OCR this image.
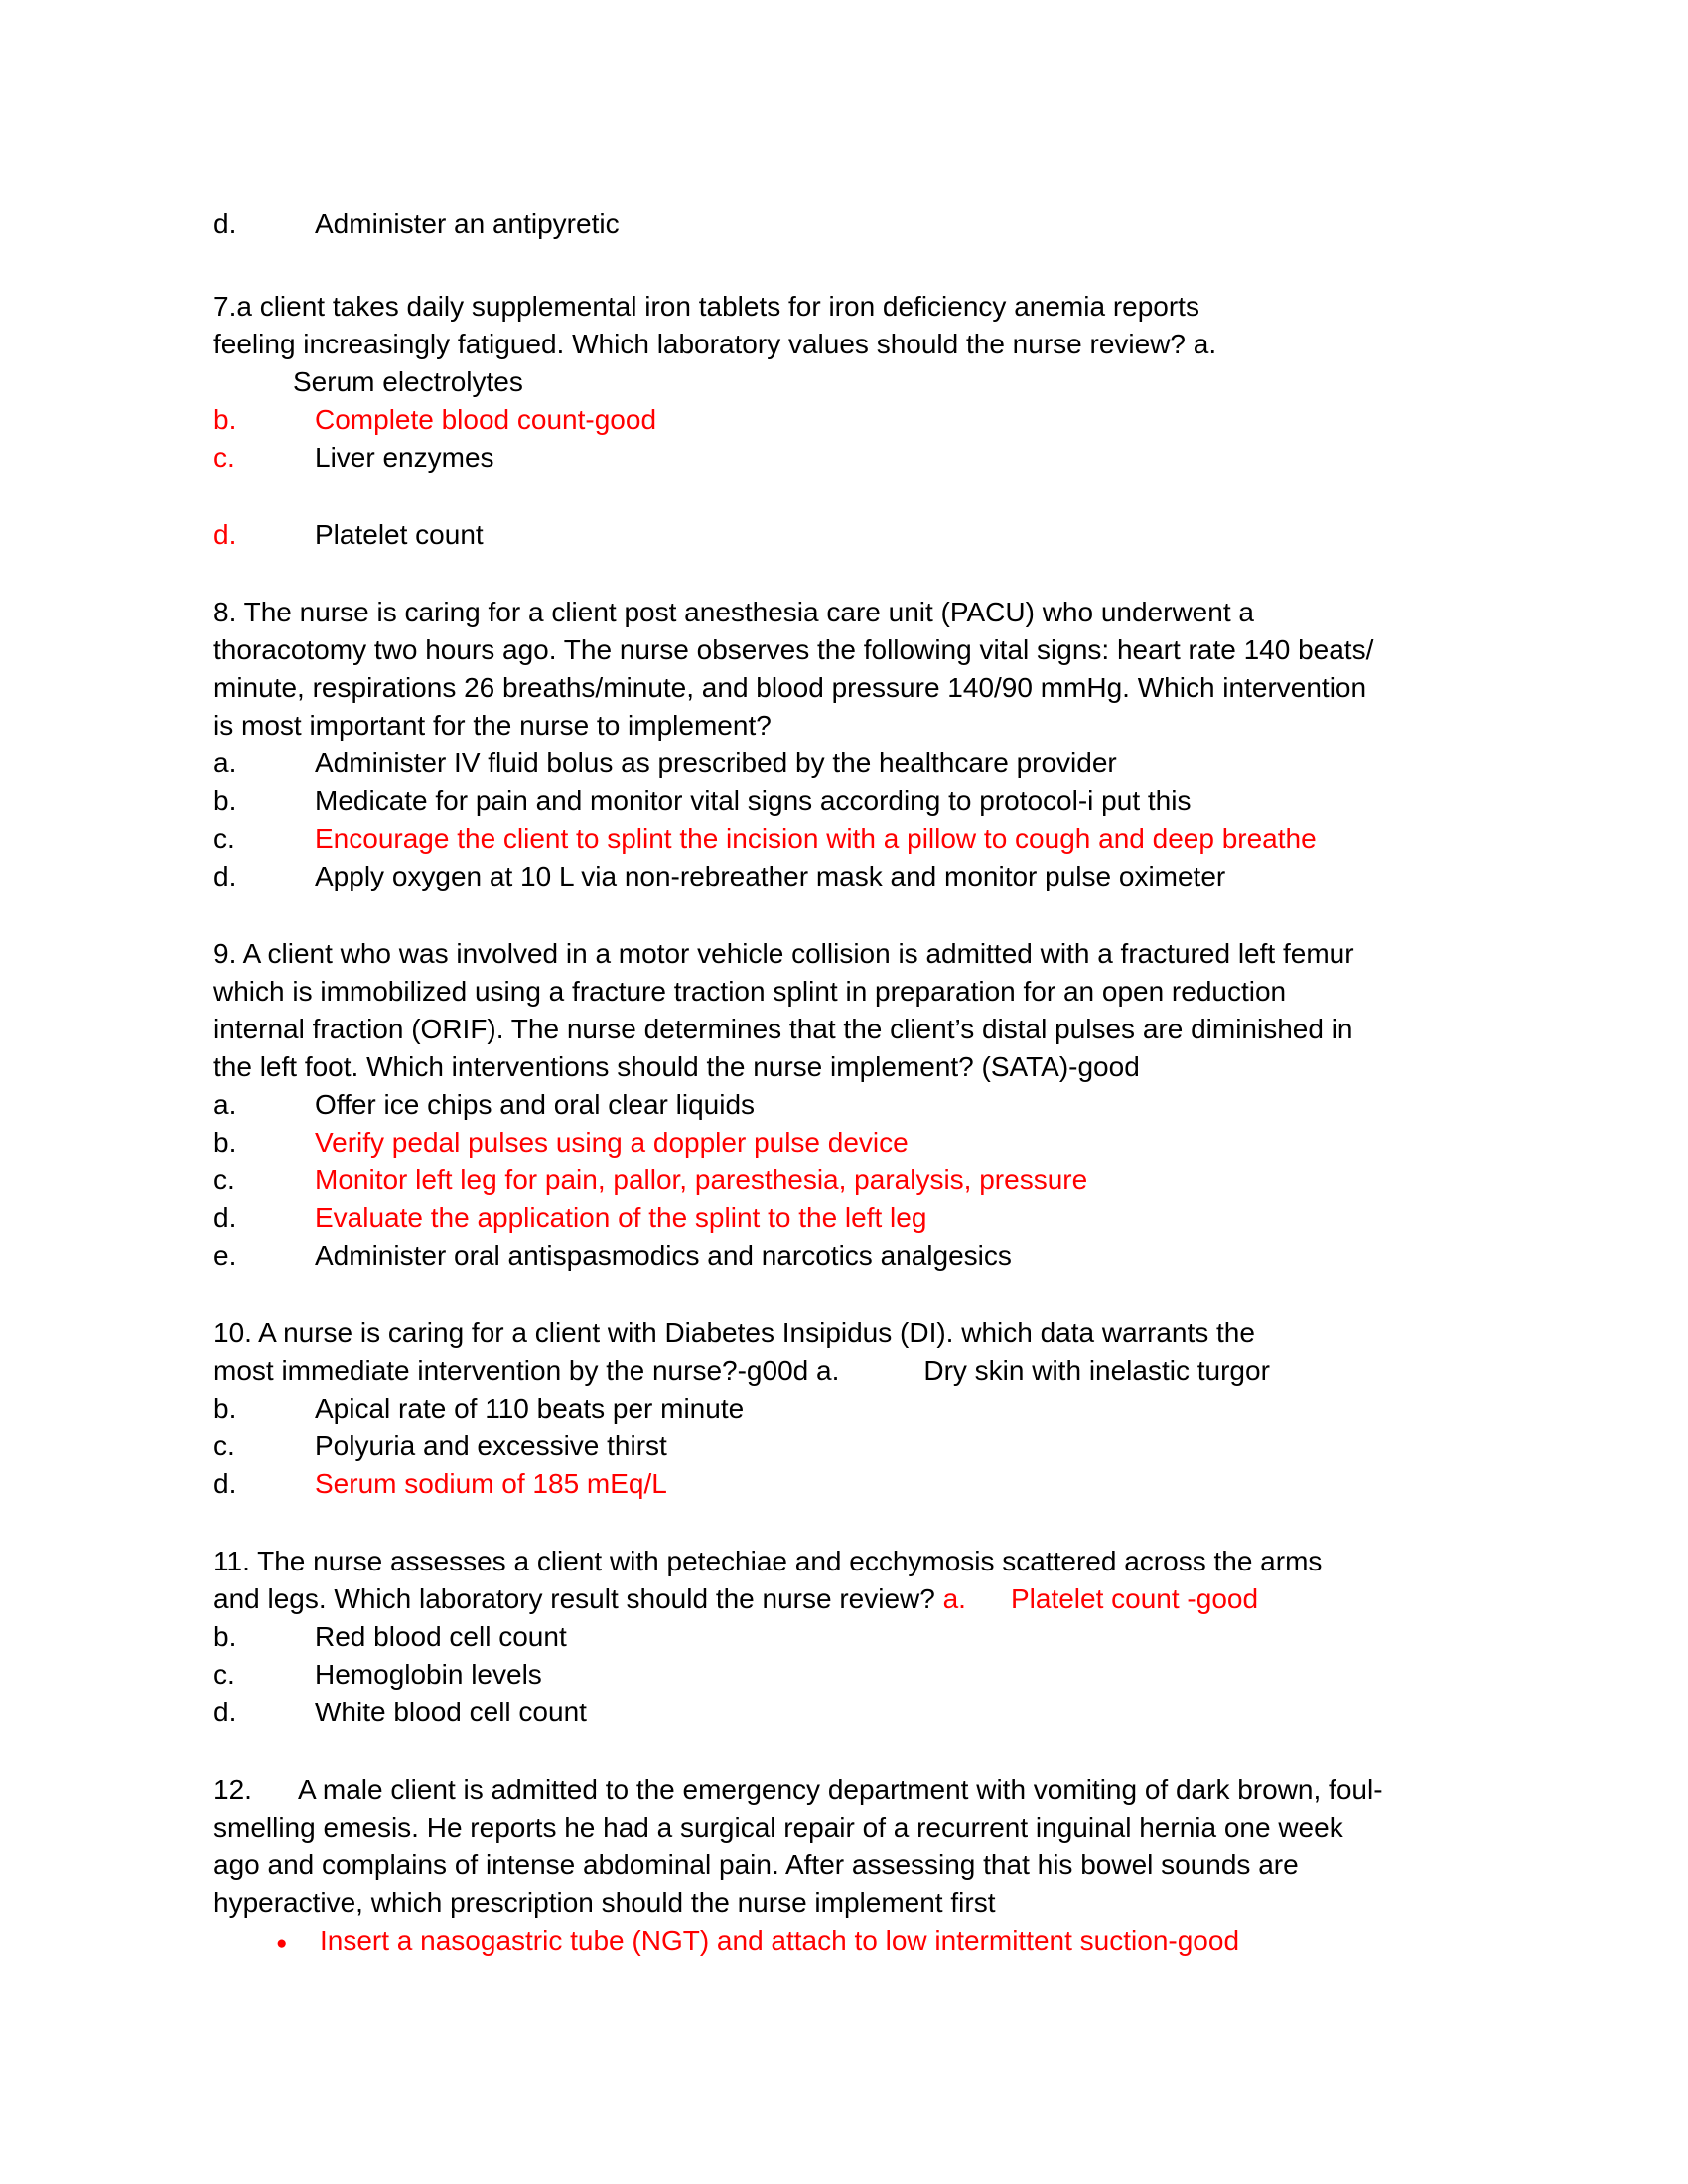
d.	Administer an antipyretic
7.a client takes daily supplemental iron tablets for iron deficiency anemia reports
feeling increasingly fatigued. Which laboratory values should the nurse review? a.
Serum electrolytes
b.	Complete blood count-good
c.	Liver enzymes
d.	Platelet count
8. The nurse is caring for a client post anesthesia care unit (PACU) who underwent a
thoracotomy two hours ago. The nurse observes the following vital signs: heart rate 140 beats/
minute, respirations 26 breaths/minute, and blood pressure 140/90 mmHg. Which intervention
is most important for the nurse to implement?
a.	Administer IV fluid bolus as prescribed by the healthcare provider
b.	Medicate for pain and monitor vital signs according to protocol-i put this
c.	Encourage the client to splint the incision with a pillow to cough and deep breathe
d.	Apply oxygen at 10 L via non-rebreather mask and monitor pulse oximeter
9. A client who was involved in a motor vehicle collision is admitted with a fractured left femur
which is immobilized using a fracture traction splint in preparation for an open reduction
internal fraction (ORIF). The nurse determines that the client’s distal pulses are diminished in
the left foot. Which interventions should the nurse implement? (SATA)-good
a.	Offer ice chips and oral clear liquids
b.	Verify pedal pulses using a doppler pulse device
c.	Monitor left leg for pain, pallor, paresthesia, paralysis, pressure
d.	Evaluate the application of the splint to the left leg
e.	Administer oral antispasmodics and narcotics analgesics
10. A nurse is caring for a client with Diabetes Insipidus (DI). which data warrants the
most immediate intervention by the nurse?-g00d a.	Dry skin with inelastic turgor
b.	Apical rate of 110 beats per minute
c.	Polyuria and excessive thirst
d.	Serum sodium of 185 mEq/L
11. The nurse assesses a client with petechiae and ecchymosis scattered across the arms
and legs. Which laboratory result should the nurse review? a. Platelet count -good
b.	Red blood cell count
c.	Hemoglobin levels
d.	White blood cell count
12. A male client is admitted to the emergency department with vomiting of dark brown, foul-
smelling emesis. He reports he had a surgical repair of a recurrent inguinal hernia one week
ago and complains of intense abdominal pain. After assessing that his bowel sounds are
hyperactive, which prescription should the nurse implement first
● Insert a nasogastric tube (NGT) and attach to low intermittent suction-good
